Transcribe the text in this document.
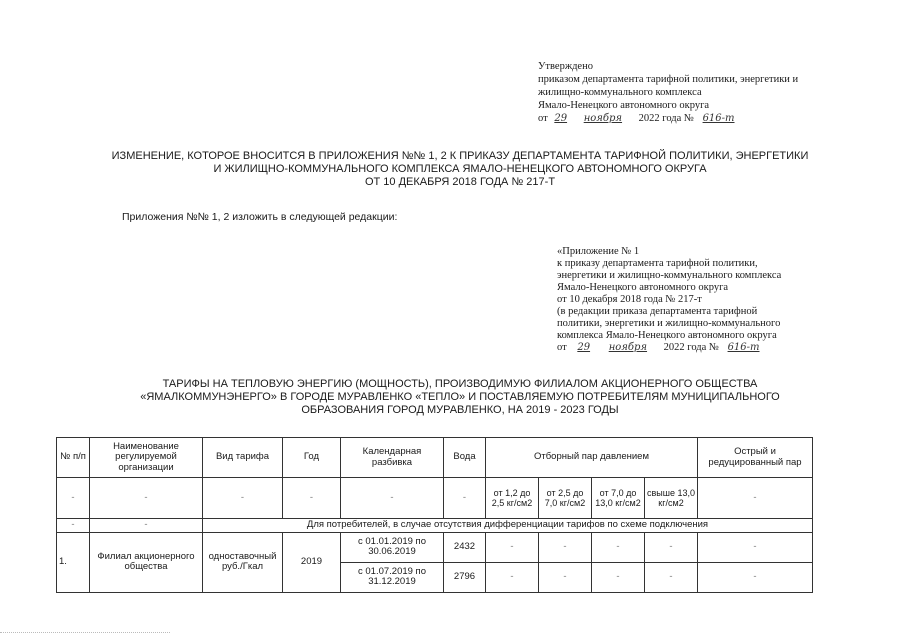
Утверждено
приказом департамента тарифной политики, энергетики и
жилищно-коммунального комплекса
Ямало-Ненецкого автономного округа
от 29 ноября 2022 года № 616-т
ИЗМЕНЕНИЕ, КОТОРОЕ ВНОСИТСЯ В ПРИЛОЖЕНИЯ №№ 1, 2 К ПРИКАЗУ ДЕПАРТАМЕНТА ТАРИФНОЙ ПОЛИТИКИ, ЭНЕРГЕТИКИ
И ЖИЛИЩНО-КОММУНАЛЬНОГО КОМПЛЕКСА ЯМАЛО-НЕНЕЦКОГО АВТОНОМНОГО ОКРУГА
ОТ 10 ДЕКАБРЯ 2018 ГОДА № 217-Т
Приложения №№ 1, 2 изложить в следующей редакции:
«Приложение № 1
к приказу департамента тарифной политики,
энергетики и жилищно-коммунального комплекса
Ямало-Ненецкого автономного округа
от 10 декабря 2018 года № 217-т
(в редакции приказа департамента тарифной
политики, энергетики и жилищно-коммунального
комплекса Ямало-Ненецкого автономного округа
от 29 ноября 2022 года № 616-т
ТАРИФЫ НА ТЕПЛОВУЮ ЭНЕРГИЮ (МОЩНОСТЬ), ПРОИЗВОДИМУЮ ФИЛИАЛОМ АКЦИОНЕРНОГО ОБЩЕСТВА
«ЯМАЛКОММУНЭНЕРГО» В ГОРОДЕ МУРАВЛЕНКО «ТЕПЛО» И ПОСТАВЛЯЕМУЮ ПОТРЕБИТЕЛЯМ МУНИЦИПАЛЬНОГО
ОБРАЗОВАНИЯ ГОРОД МУРАВЛЕНКО, НА 2019 - 2023 ГОДЫ
№ п/п	Наименование регулируемой организации	Вид тарифа	Год	Календарная разбивка	Вода	Отборный пар давлением				Острый и редуцированный пар

-	-	-	-	-	-	от 1,2 до 2,5 кг/см2	от 2,5 до 7,0 кг/см2	от 7,0 до 13,0 кг/см2	свыше 13,0 кг/см2	-
-	-	Для потребителей, в случае отсутствия дифференциации тарифов по схеме подключения								
1.	Филиал акционерного общества	одноставочный руб./Гкал	2019	с 01.01.2019 по 30.06.2019	2432	-	-	-	-	-
				с 01.07.2019 по 31.12.2019	2796	-	-	-	-	-
